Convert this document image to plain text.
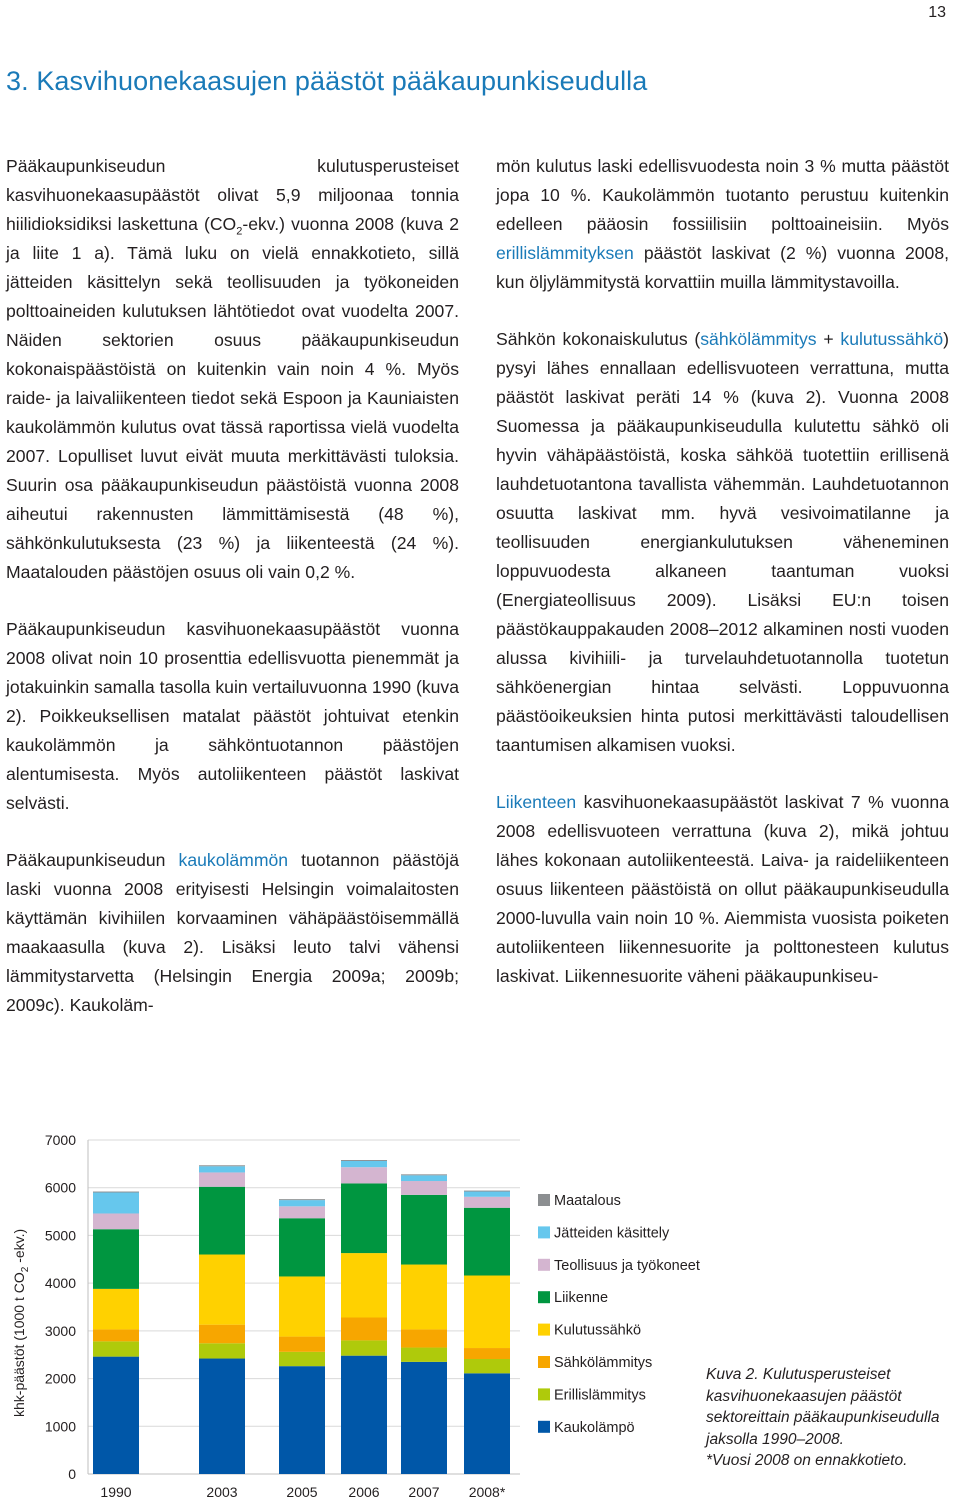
13
3. Kasvihuonekaasujen päästöt pääkaupunkiseudulla

Pääkaupunkiseudun kulutusperusteiset kasvihuonekaasupäästöt olivat 5,9 miljoonaa tonnia hiilidioksidiksi laskettuna $(CO_2-ekv.)$ vuonna 2008 (kuva 2 ja liite 1 a). Tämä luku on vielä ennakkotieto, sillä jätteiden käsittelyn sekä teollisuuden ja työkoneiden polttoaineiden kulutuksen lähtötiedot ovat vuodelta 2007. Näiden sektorien osuus pääkaupunkiseudun kokonaispäästöistä on kuitenkin vain noin 4 %. Myös raide- ja laivaliikenteen tiedot sekä Espoon ja Kauniaisten kaukolämmön kulutus ovat tässä raportissa vielä vuodelta 2007. Lopulliset luvut eivät muuta merkittävästi tuloksia. Suurin osa pääkaupunkiseudun päästöistä vuonna 2008 aiheutui rakennusten lämmittämisestä (48 %), sähkönkulutuksesta (23 %) ja liikenteestä (24 %). Maatalouden päästöjen osuus oli vain 0,2 %.

Pääkaupunkiseudun kasvihuonekaasupäästöt vuonna 2008 olivat noin 10 prosenttia edellisvuotta pienemmät ja jotakuinkin samalla tasolla kuin vertailuvuonna 1990 (kuva 2). Poikkeuksellisen matalat päästöt johtuivat etenkin kaukolämmön ja sähköntuotannon päästöjen alentumisesta. Myös autoliikenteen päästöt laskivat selvästi.

Pääkaupunkiseudun kaukolämmön tuotannon päästöjä laski vuonna 2008 erityisesti Helsingin voimalaitosten käyttämän kivihiilen korvaaminen vähäpäästöisemmällä maakaasulla (kuva 2). Lisäksi leuto talvi vähensi lämmitystarvetta (Helsingin Energia 2009a; 2009b; 2009c). Kaukoläm-

mön kulutus laski edellisvuodesta noin 3 % mutta päästöt jopa 10 %. Kaukolämmön tuotanto perustuu kuitenkin edelleen pääosin fossiilisiin polttoaineisiin. Myös erillislämmityksen päästöt laskivat (2 %) vuonna 2008, kun öljylämmitystä korvattiin muilla lämmitystavoilla.

Sähkön kokonaiskulutus (sähkölämmitys + kulutussähkö) pysyi lähes ennallaan edellisvuoteen verrattuna, mutta päästöt laskivat peräti 14 % (kuva 2). Vuonna 2008 Suomessa ja pääkaupunkiseudulla kulutettu sähkö oli hyvin vähäpäästöistä, koska sähköä tuotettiin erillisenä lauhdetuotantona tavallista vähemmän. Lauhdetuotannon osuutta laskivat mm. hyvä vesivoimatilanne ja teollisuuden energiankulutuksen väheneminen loppuvuodesta alkaneen taantuman vuoksi (Energiateollisuus 2009). Lisäksi EU:n toisen päästökauppakauden 2008–2012 alkaminen nosti vuoden alussa kivihiili- ja turvelauhdetuotannolla tuotetun sähköenergian hintaa selvästi. Loppuvuonna päästöoikeuksien hinta putosi merkittävästi taloudellisen taantumisen alkamisen vuoksi.

Liikenteen kasvihuonekaasupäästöt laskivat 7 % vuonna 2008 edellisvuoteen verrattuna (kuva 2), mikä johtuu lähes kokonaan autoliikenteestä. Laiva- ja raideliikenteen osuus liikenteen päästöistä on ollut pääkaupunkiseudulla 2000-luvulla vain noin 10 %. Aiemmista vuosista poiketen autoliikenteen liikennesuorite ja polttonesteen kulutus laskivat. Liikennesuorite väheni pääkaupunkiseu-

0
1000
2000
3000
4000
5000
6000
7000
khk-päästöt (1000 t $CO_2$ -ekv.)
1990	2003	2005 2006 2007 2008*
Maatalous
Jätteiden käsittely
Teollisuus ja työkoneet
Liikenne
Kulutussähkö
Sähkölämmitys
Erillislämmitys
Kaukolämpö

Kuva 2. Kulutusperusteiset kasvihuonekaasujen päästöt sektoreittain pääkaupunkiseudulla jaksolla 1990–2008.

*Vuosi 2008 on ennakkotieto.
